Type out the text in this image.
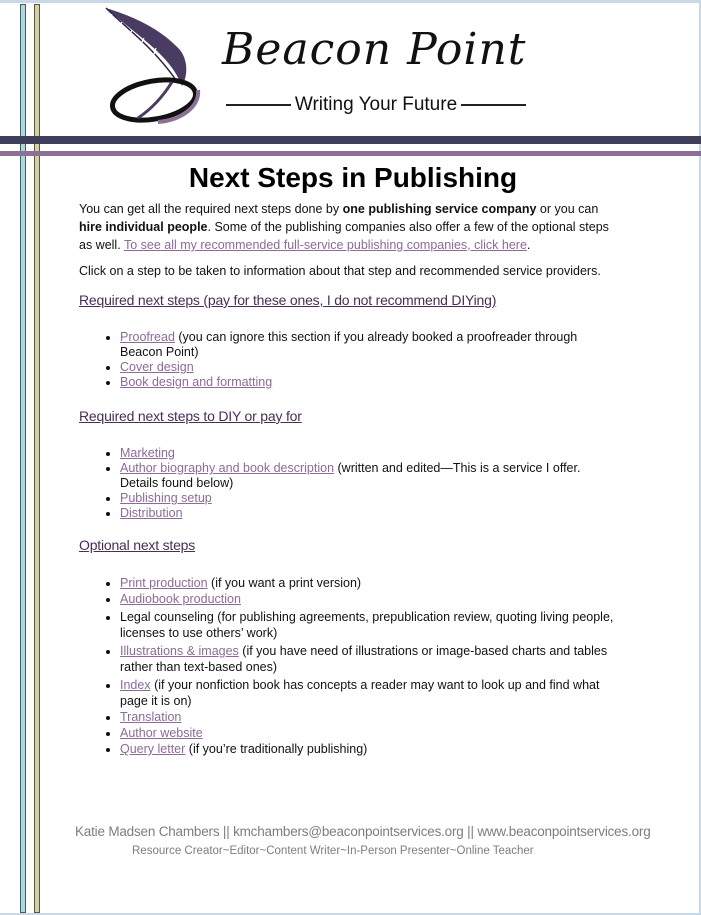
Beacon Point
Writing Your Future
Next Steps in Publishing

You can get all the required next steps done by one publishing service company or you can hire individual people. Some of the publishing companies also offer a few of the optional steps as well. To see all my recommended full-service publishing companies, click here.

Click on a step to be taken to information about that step and recommended service providers.

Required next steps (pay for these ones, I do not recommend DIYing)
• Proofread (you can ignore this section if you already booked a proofreader through Beacon Point)
• Cover design
• Book design and formatting
Required next steps to DIY or pay for
• Marketing
• Author biography and book description (written and edited—This is a service I offer. Details found below)
• Publishing setup
• Distribution
Optional next steps
• Print production (if you want a print version)
• Audiobook production
• Legal counseling (for publishing agreements, prepublication review, quoting living people, licenses to use others’ work)
• Illustrations & images (if you have need of illustrations or image-based charts and tables rather than text-based ones)
• Index (if your nonfiction book has concepts a reader may want to look up and find what page it is on)
• Translation
• Author website
• Query letter (if you’re traditionally publishing)
Katie Madsen Chambers || kmchambers@beaconpointservices.org || www.beaconpointservices.org
Resource Creator~Editor~Content Writer~In-Person Presenter~Online Teacher
